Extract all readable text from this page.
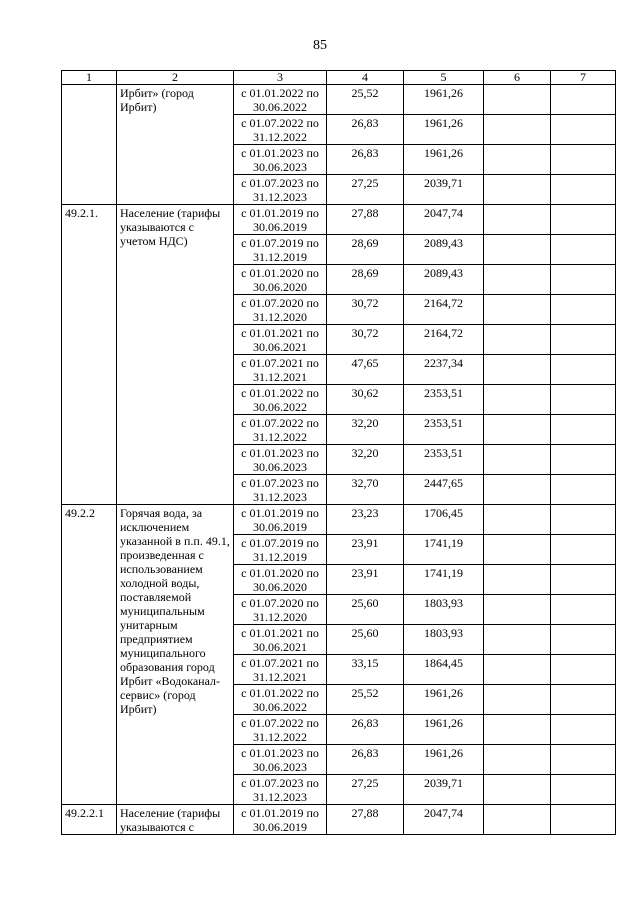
85
1	2	3	4	5	6	7
	Ирбит» (город Ирбит)	с 01.01.2022 по
30.06.2022	25,52	1961,26		

		с 01.07.2022 по
31.12.2022	26,83	1961,26		

		с 01.01.2023 по
30.06.2023	26,83	1961,26		

		с 01.07.2023 по
31.12.2023	27,25	2039,71		
49.2.1.	Население (тарифы указываются с учетом НДС)	с 01.01.2019 по
30.06.2019	27,88	2047,74		

		с 01.07.2019 по
31.12.2019	28,69	2089,43		

		с 01.01.2020 по
30.06.2020	28,69	2089,43		

		с 01.07.2020 по
31.12.2020	30,72	2164,72		

		с 01.01.2021 по
30.06.2021	30,72	2164,72		

		с 01.07.2021 по
31.12.2021	47,65	2237,34		

		с 01.01.2022 по
30.06.2022	30,62	2353,51		

		с 01.07.2022 по
31.12.2022	32,20	2353,51		

		с 01.01.2023 по
30.06.2023	32,20	2353,51		

		с 01.07.2023 по
31.12.2023	32,70	2447,65		
49.2.2	Горячая вода, за исключением указанной в п.п. 49.1, произведенная с использованием холодной воды, поставляемой муниципальным унитарным предприятием муниципального образования город Ирбит «Водоканал-сервис» (город Ирбит)	с 01.01.2019 по
30.06.2019	23,23	1706,45		

		с 01.07.2019 по
31.12.2019	23,91	1741,19		

		с 01.01.2020 по
30.06.2020	23,91	1741,19		

		с 01.07.2020 по
31.12.2020	25,60	1803,93		

		с 01.01.2021 по
30.06.2021	25,60	1803,93		

		с 01.07.2021 по
31.12.2021	33,15	1864,45		

		с 01.01.2022 по
30.06.2022	25,52	1961,26		

		с 01.07.2022 по
31.12.2022	26,83	1961,26		

		с 01.01.2023 по
30.06.2023	26,83	1961,26		

		с 01.07.2023 по
31.12.2023	27,25	2039,71		
49.2.2.1	Население (тарифы указываются с	с 01.01.2019 по
30.06.2019	27,88	2047,74		
